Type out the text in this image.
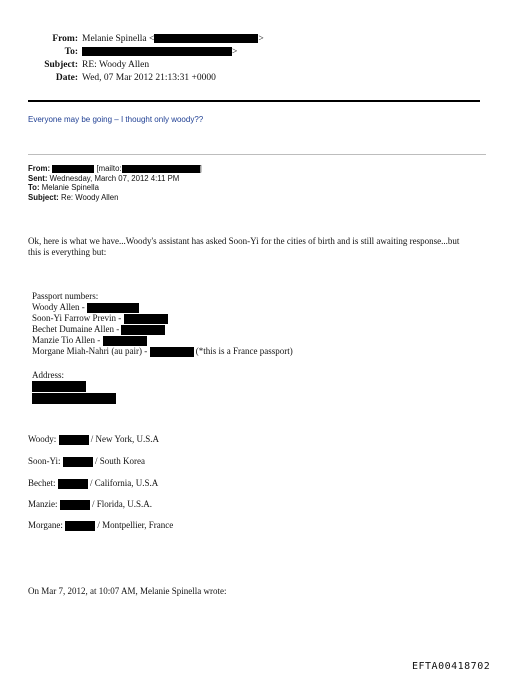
From: Melanie Spinella <	>
To:	>
Subject: RE: Woody Allen
Date: Wed, 07 Mar 2012 21:13:31 +0000
Everyone may be going – I thought only woody??
From:	[mailto:	]
Sent: Wednesday, March 07, 2012 4:11 PM
To: Melanie Spinella
Subject: Re: Woody Allen
Ok, here is what we have...Woody's assistant has asked Soon-Yi for the cities of birth and is still awaiting response...but this is everything but:
Passport numbers:
Woody Allen -
Soon-Yi Farrow Previn -
Bechet Dumaine Allen -
Manzie Tio Allen -
Morgane Miah-Nahri (au pair) -	(*this is a France passport)
Address:
Woody:	/ New York, U.S.A
Soon-Yi:	/ South Korea
Bechet:	/ California, U.S.A
Manzie:	/ Florida, U.S.A.
Morgane:	/ Montpellier, France
On Mar 7, 2012, at 10:07 AM, Melanie Spinella wrote:
EFTA00418702
